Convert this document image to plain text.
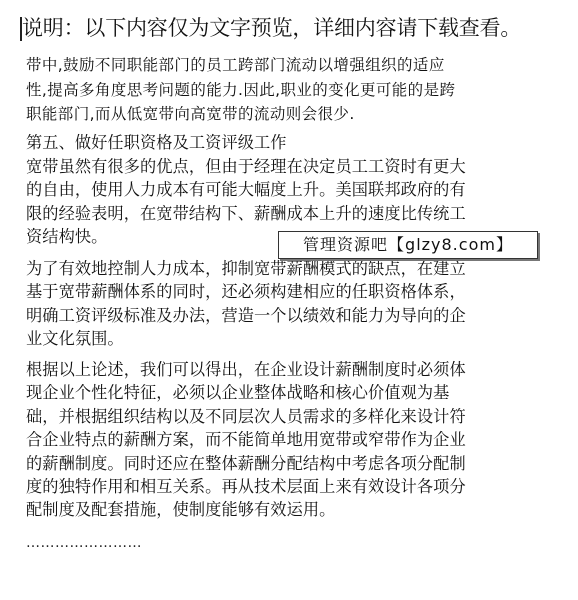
说明：以下内容仅为文字预览，详细内容请下载查看。
带中,鼓励不同职能部门的员工跨部门流动以增强组织的适应
性,提高多角度思考问题的能力.因此,职业的变化更可能的是跨
职能部门,而从低宽带向高宽带的流动则会很少.
第五、做好任职资格及工资评级工作
宽带虽然有很多的优点，但由于经理在决定员工工资时有更大
的自由，使用人力成本有可能大幅度上升。美国联邦政府的有
限的经验表明，在宽带结构下、薪酬成本上升的速度比传统工
资结构快。
为了有效地控制人力成本，抑制宽带薪酬模式的缺点，在建立
基于宽带薪酬体系的同时，还必须构建相应的任职资格体系，
明确工资评级标准及办法，营造一个以绩效和能力为导向的企
业文化氛围。
根据以上论述，我们可以得出，在企业设计薪酬制度时必须体
现企业个性化特征，必须以企业整体战略和核心价值观为基
础，并根据组织结构以及不同层次人员需求的多样化来设计符
合企业特点的薪酬方案，而不能简单地用宽带或窄带作为企业
的薪酬制度。同时还应在整体薪酬分配结构中考虑各项分配制
度的独特作用和相互关系。再从技术层面上来有效设计各项分
配制度及配套措施，使制度能够有效运用。
管理资源吧【glzy8.com】
……………………
